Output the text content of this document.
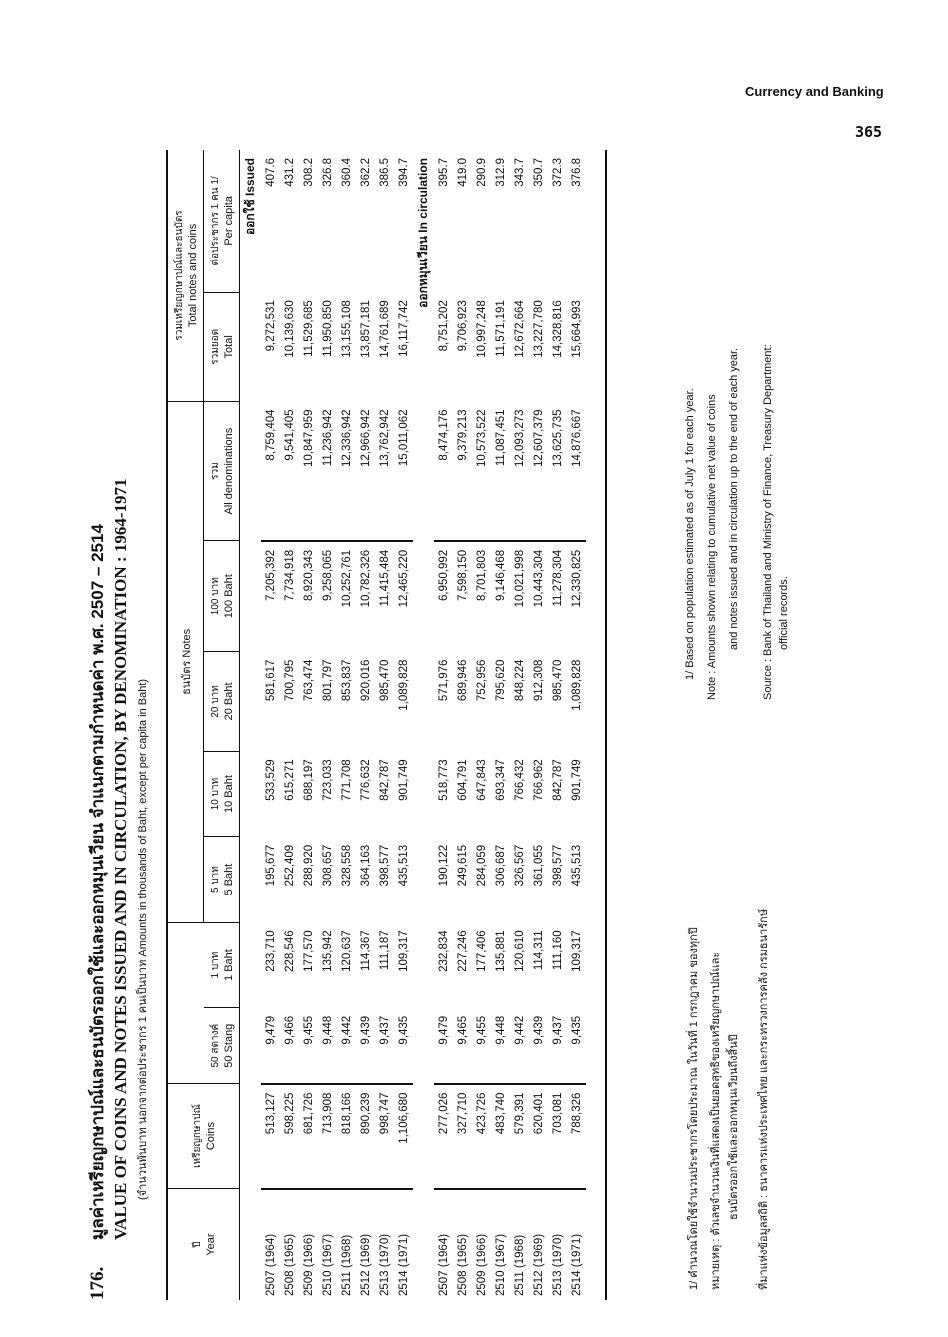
Currency and Banking
365
176.มูลค่าเหรียญกษาปณ์และธนบัตรออกใช้และออกหมุนเวียน จำแนกตามกำหนดค่า พ.ศ. 2507 – 2514 VALUE OF COINS AND NOTES ISSUED AND IN CIRCULATION, BY DENOMINATION : 1964-1971 (จำนวนพันบาท นอกจากต่อประชากร 1 คนเป็นบาท Amounts in thousands of Baht, except per capita in Baht)
ปี Year	เหรียญกษาปณ์ Coins			ธนบัตร Notes					รวมเหรียญกษาปณ์และธนบัตร Total notes and coins	

		50 สตางค์ 50 Stang	1 บาท 1 Baht	5 บาท 5 Baht	10 บาท 10 Baht	20 บาท 20 Baht	100 บาท 100 Baht	รวม All denominations	รวมยอด Total	ต่อประชากร 1 คน 1/ Per capita
ออกใช้ Issued										
2507 (1964)	513,127	9,479	233,710	195,677	533,529	581,617	7,205,392	8,759,404	9,272,531	407.6
2508 (1965)	598,225	9,466	228,546	252,409	615,271	700,795	7,734,918	9,541,405	10,139,630	431.2
2509 (1966)	681,726	9,455	177,570	288,920	688,197	763,474	8,920,343	10,847,959	11,529,685	308.2
2510 (1967)	713,908	9,448	135,942	308,657	723,033	801,797	9,258,065	11,236,942	11,950,850	326.8
2511 (1968)	818,166	9,442	120,637	328,558	771,708	853,837	10,252,761	12,336,942	13,155,108	360.4
2512 (1969)	890,239	9,439	114,367	364,163	776,632	920,016	10,782,326	12,966,942	13,857,181	362.2
2513 (1970)	998,747	9,437	111,187	398,577	842,787	985,470	11,415,484	13,762,942	14,761,689	386.5
2514 (1971)	1,106,680	9,435	109,317	435,513	901,749	1,089,828	12,465,220	15,011,062	16,117,742	394.7
ออกหมุนเวียน In circulation										
2507 (1964)	277,026	9,479	232,834	190,122	518,773	571,976	6,950,992	8,474,176	8,751,202	395.7
2508 (1965)	327,710	9,465	227,246	249,615	604,791	689,946	7,598,150	9,379,213	9,706,923	419.0
2509 (1966)	423,726	9,455	177,406	284,059	647,843	752,956	8,701,803	10,573,522	10,997,248	290.9
2510 (1967)	483,740	9,448	135,881	306,687	693,347	795,620	9,146,468	11,087,451	11,571,191	312.9
2511 (1968)	579,391	9,442	120,610	326,567	766,432	848,224	10,021,998	12,093,273	12,672,664	343.7
2512 (1969)	620,401	9,439	114,311	361,055	766,962	912,308	10,443,304	12,607,379	13,227,780	350.7
2513 (1970)	703,081	9,437	111,160	398,577	842,787	985,470	11,278,304	13,625,735	14,328,816	372.3
2514 (1971)	788,326	9,435	109,317	435,513	901,749	1,089,828	12,330,825	14,876,667	15,664,993	376.8

1/ คำนวณโดยใช้จำนวนประชากรโดยประมาณ ในวันที่ 1 กรกฎาคม ของทุกปี หมายเหตุ : ตัวเลขจำนวนเงินที่แสดงเป็นยอดสุทธิของเหรียญกษาปณ์และ ธนบัตรออกใช้และออกหมุนเวียนถึงสิ้นปี	ที่มาแห่งข้อมูลสถิติ : ธนาคารแห่งประเทศไทย และกระทรวงการคลัง กรมธนารักษ์
1/ Based on population estimated as of July 1 for each year. Note : Amounts shown relating to cumulative net value of coins and notes issued and in circulation up to the end of each year. Source : Bank of Thailand and Ministry of Finance, Treasury Department: official records.
